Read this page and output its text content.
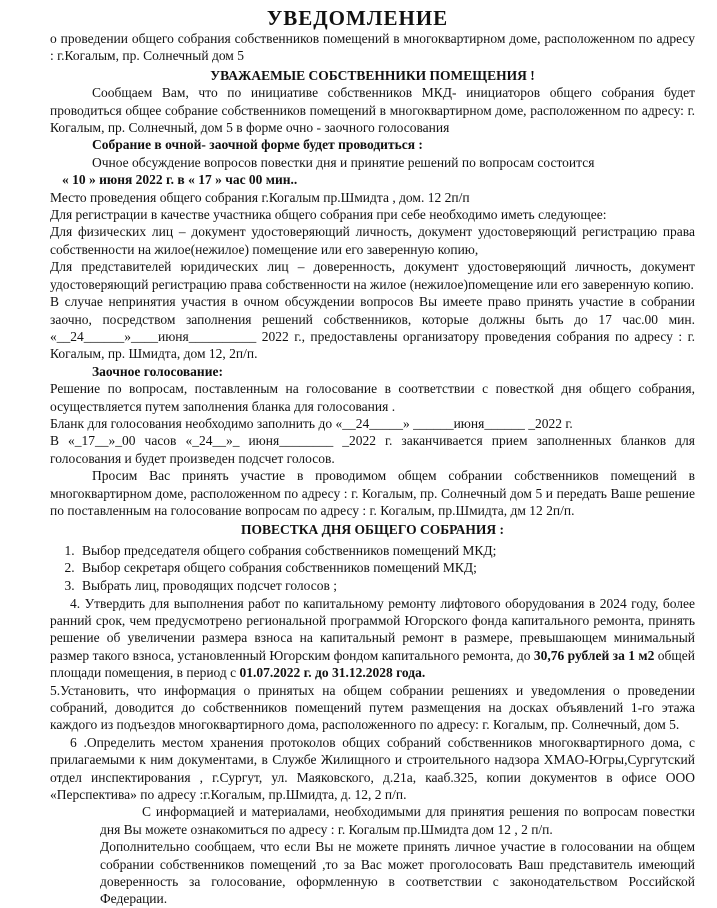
УВЕДОМЛЕНИЕ

о проведении общего собрания собственников помещений в многоквартирном доме, расположенном по адресу : г.Когалым, пр. Солнечный дом 5

УВАЖАЕМЫЕ СОБСТВЕННИКИ ПОМЕЩЕНИЯ !

Сообщаем Вам, что по инициативе собственников МКД- инициаторов общего собрания будет проводиться общее собрание собственников помещений в многоквартирном доме, расположенном по адресу: г. Когалым, пр. Солнечный, дом 5 в форме очно - заочного голосования

Собрание в очной- заочной форме будет проводиться :

Очное обсуждение вопросов повестки дня и принятие решений по вопросам состоится

« 10 » июня 2022 г. в « 17 » час 00 мин..

Место проведения общего собрания г.Когалым пр.Шмидта , дом. 12 2п/п

Для регистрации в качестве участника общего собрания при себе необходимо иметь следующее:

Для физических лиц – документ удостоверяющий личность, документ удостоверяющий регистрацию права собственности на жилое(нежилое) помещение или его заверенную копию,

Для представителей юридических лиц – доверенность, документ удостоверяющий личность, документ удостоверяющий регистрацию права собственности на жилое (нежилое)помещение или его заверенную копию.

В случае непринятия участия в очном обсуждении вопросов Вы имеете право принять участие в собрании заочно, посредством заполнения решений собственников, которые должны быть до 17 час.00 мин. «__24______»____июня__________ 2022 г., предоставлены организатору проведения собрания по адресу : г. Когалым, пр. Шмидта, дом 12, 2п/п.

Заочное голосование:

Решение по вопросам, поставленным на голосование в соответствии с повесткой дня общего собрания, осуществляется путем заполнения бланка для голосования .

Бланк для голосования необходимо заполнить до «__24_____» ______июня______ _2022 г.

В «_17__»_00 часов «_24__»_ июня________ _2022 г. заканчивается прием заполненных бланков для голосования и будет произведен подсчет голосов.

Просим Вас принять участие в проводимом общем собрании собственников помещений в многоквартирном доме, расположенном по адресу : г. Когалым, пр. Солнечный дом 5 и передать Ваше решение по поставленным на голосование вопросам по адресу : г. Когалым, пр.Шмидта, дм 12 2п/п.

ПОВЕСТКА ДНЯ ОБЩЕГО СОБРАНИЯ :

1. Выбор председателя общего собрания собственников помещений МКД;
2. Выбор секретаря общего собрания собственников помещений МКД;
3. Выбрать лиц, проводящих подсчет голосов ;

4. Утвердить для выполнения работ по капитальному ремонту лифтового оборудования в 2024 году, более ранний срок, чем предусмотрено региональной программой Югорского фонда капитального ремонта, принять решение об увеличении размера взноса на капитальный ремонт в размере, превышающем минимальный размер такого взноса, установленный Югорским фондом капитального ремонта, до 30,76 рублей за 1 м2 общей площади помещения, в период с 01.07.2022 г. до 31.12.2028 года.

5.Установить, что информация о принятых на общем собрании решениях и уведомления о проведении собраний, доводится до собственников помещений путем размещения на досках объявлений 1-го этажа каждого из подъездов многоквартирного дома, расположенного по адресу: г. Когалым, пр. Солнечный, дом 5.

6 .Определить местом хранения протоколов общих собраний собственников многоквартирного дома, с прилагаемыми к ним документами, в Службе Жилищного и строительного надзора ХМАО-Югры,Сургутский отдел инспектирования , г.Сургут, ул. Маяковского, д.21а, кааб.325, копии документов в офисе ООО «Перспектива» по адресу :г.Когалым, пр.Шмидта, д. 12, 2 п/п.

С информацией и материалами, необходимыми для принятия решения по вопросам повестки дня Вы можете ознакомиться по адресу : г. Когалым пр.Шмидта дом 12 , 2 п/п.

Дополнительно сообщаем, что если Вы не можете принять личное участие в голосовании на общем собрании собственников помещений ,то за Вас может проголосовать Ваш представитель имеющий доверенность за голосование, оформленную в соответствии с законодательством Российской Федерации.
